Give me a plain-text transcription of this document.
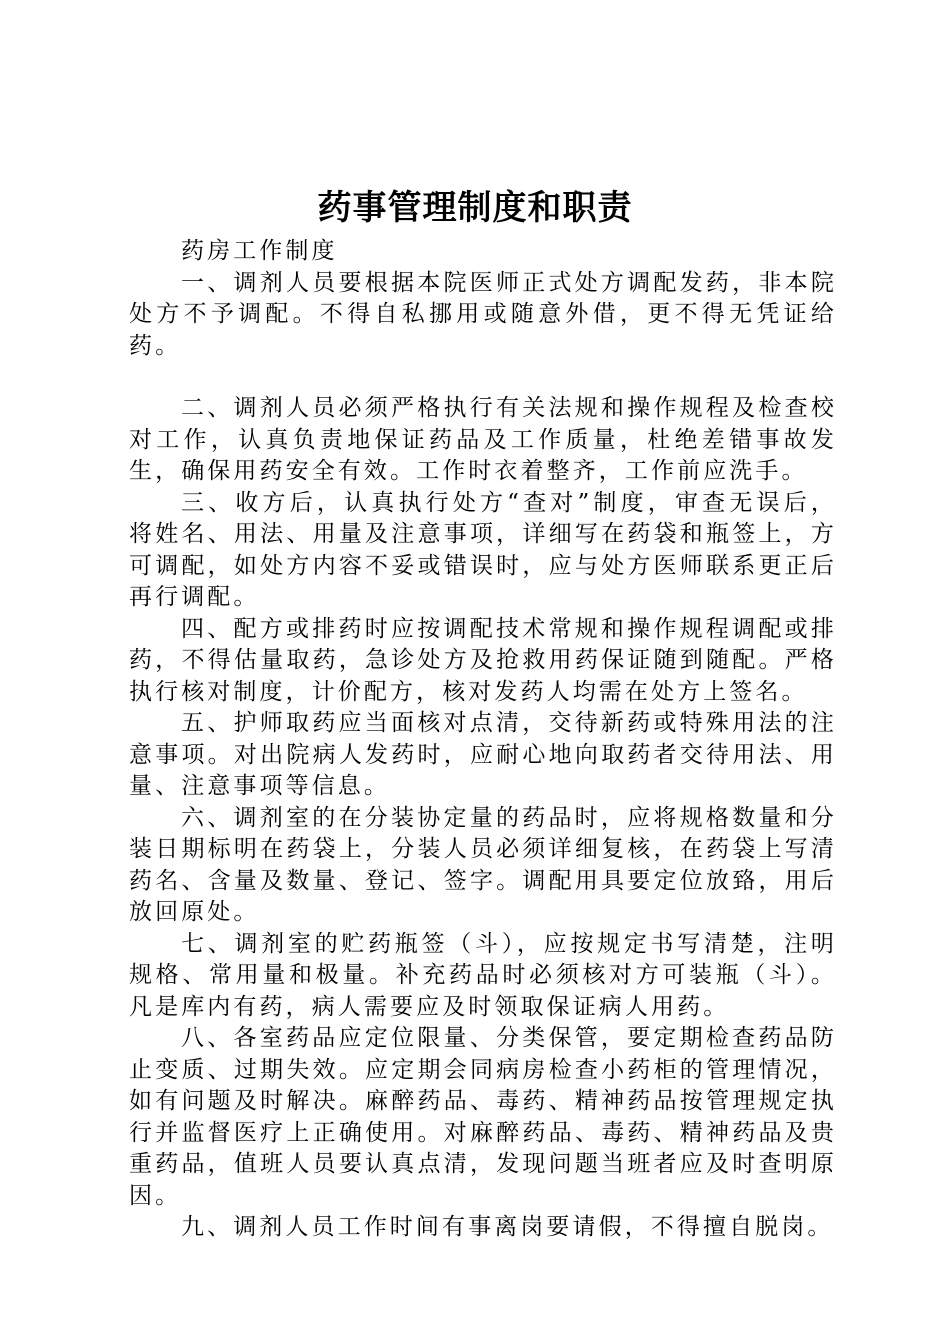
药事管理制度和职责

药房工作制度

一、调剂人员要根据本院医师正式处方调配发药，非本院处方不予调配。不得自私挪用或随意外借，更不得无凭证给药。

二、调剂人员必须严格执行有关法规和操作规程及检查校对工作，认真负责地保证药品及工作质量，杜绝差错事故发生，确保用药安全有效。工作时衣着整齐，工作前应洗手。

三、收方后，认真执行处方“查对”制度，审查无误后，将姓名、用法、用量及注意事项，详细写在药袋和瓶签上，方可调配，如处方内容不妥或错误时，应与处方医师联系更正后再行调配。

四、配方或排药时应按调配技术常规和操作规程调配或排药，不得估量取药，急诊处方及抢救用药保证随到随配。严格执行核对制度，计价配方，核对发药人均需在处方上签名。

五、护师取药应当面核对点清，交待新药或特殊用法的注意事项。对出院病人发药时，应耐心地向取药者交待用法、用量、注意事项等信息。

六、调剂室的在分装协定量的药品时，应将规格数量和分装日期标明在药袋上，分装人员必须详细复核，在药袋上写清药名、含量及数量、登记、签字。调配用具要定位放臵，用后放回原处。

七、调剂室的贮药瓶签（斗），应按规定书写清楚，注明规格、常用量和极量。补充药品时必须核对方可装瓶（斗）。凡是库内有药，病人需要应及时领取保证病人用药。

八、各室药品应定位限量、分类保管，要定期检查药品防止变质、过期失效。应定期会同病房检查小药柜的管理情况，如有问题及时解决。麻醉药品、毒药、精神药品按管理规定执行并监督医疗上正确使用。对麻醉药品、毒药、精神药品及贵重药品，值班人员要认真点清，发现问题当班者应及时查明原因。

九、调剂人员工作时间有事离岗要请假，不得擅自脱岗。
